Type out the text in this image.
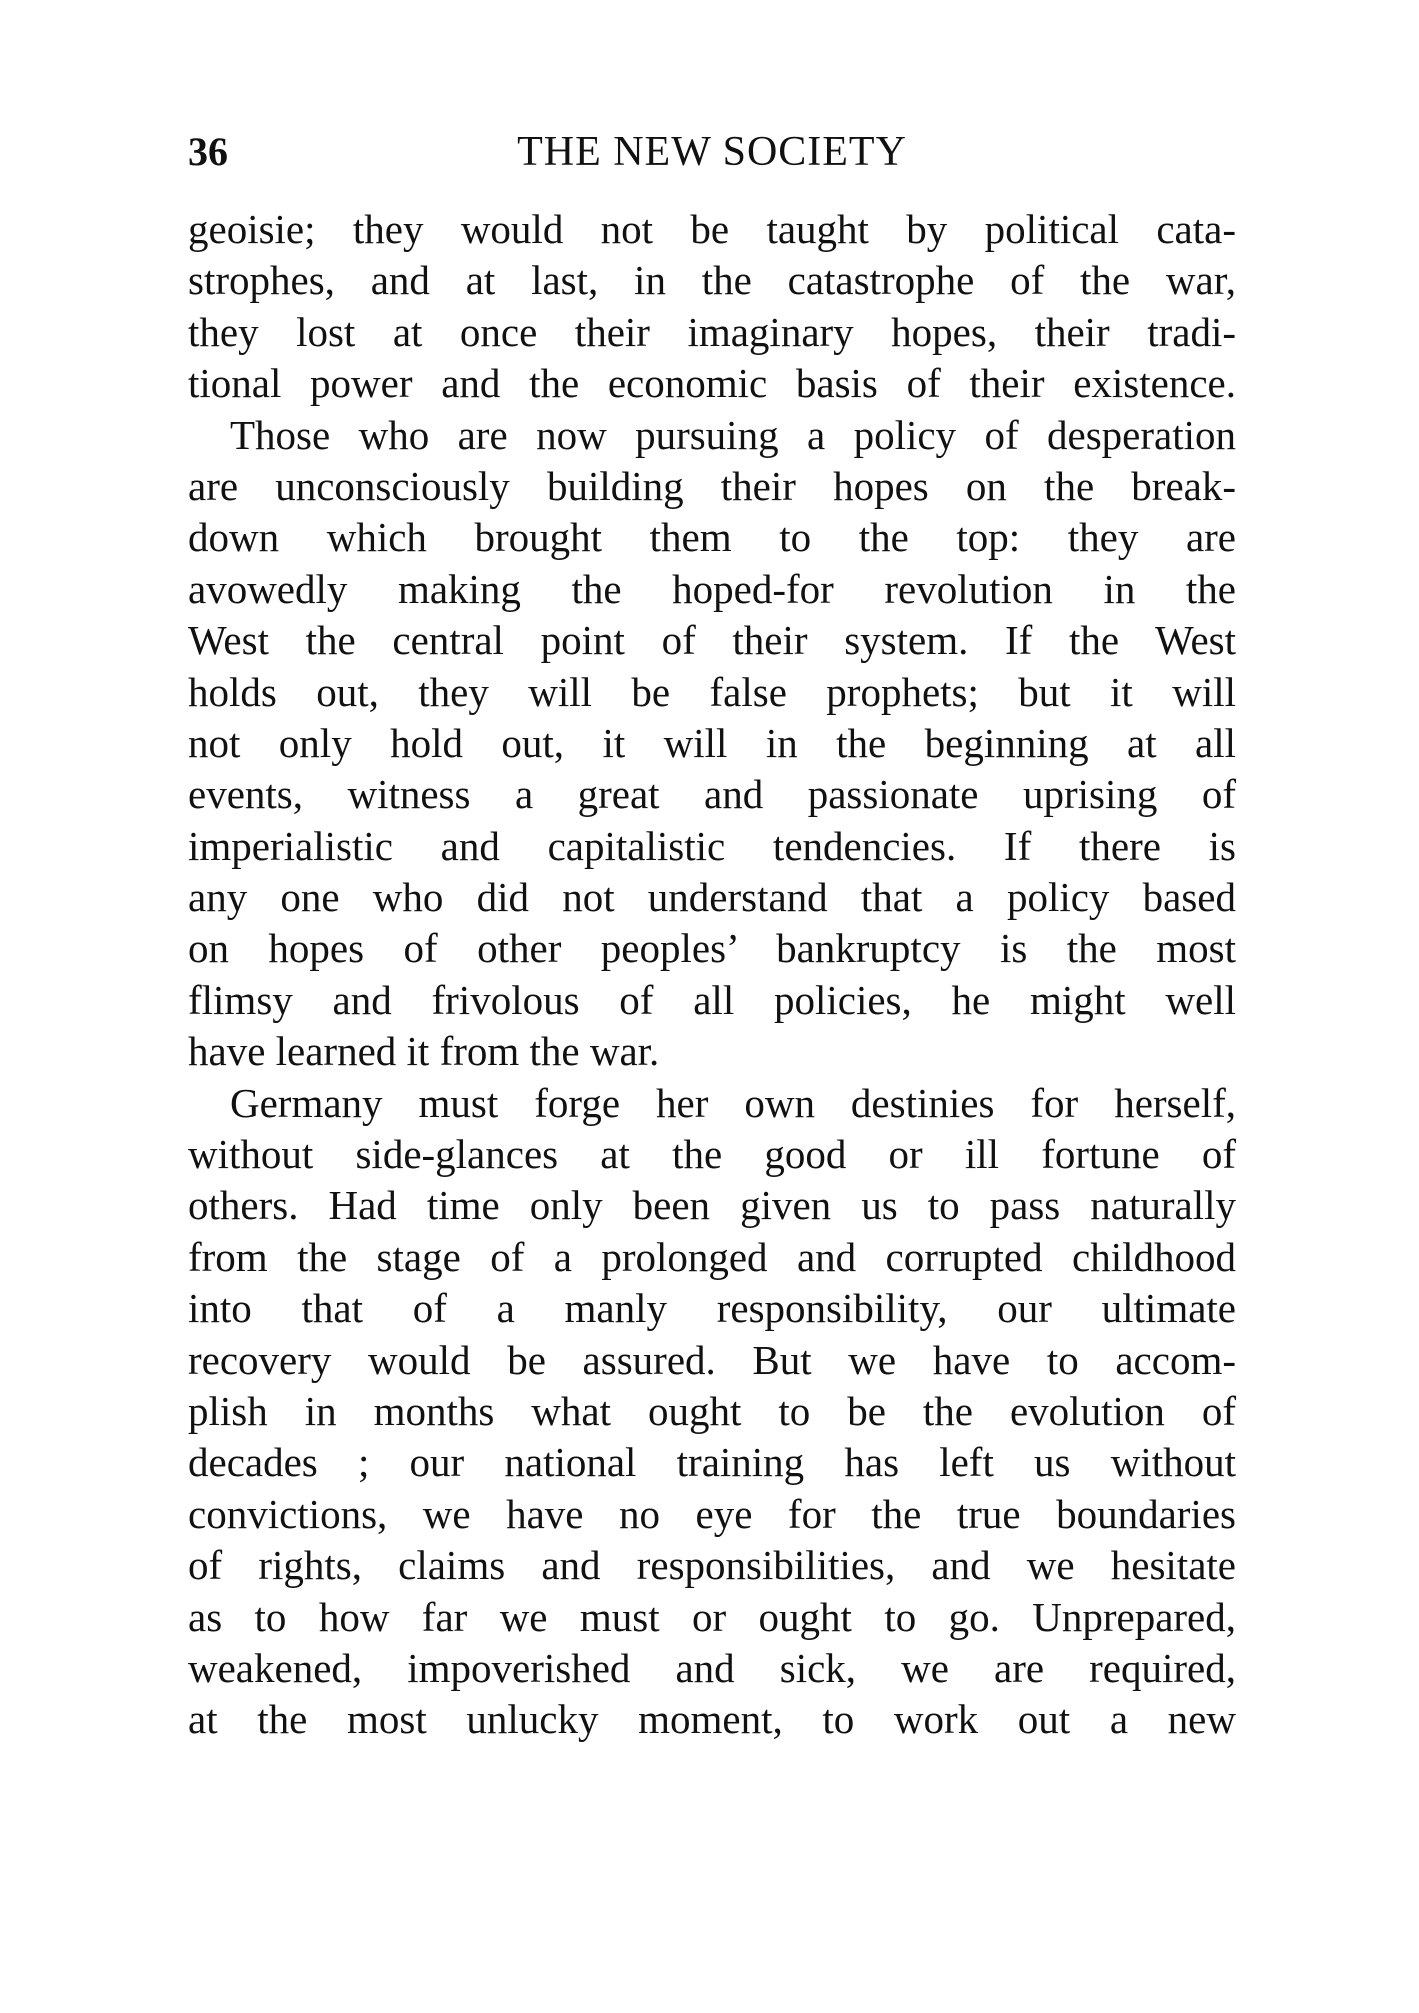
36	THE NEW SOCIETY
geoisie; they would not be taught by political cata-
strophes, and at last, in the catastrophe of the war,
they lost at once their imaginary hopes, their tradi-
tional power and the economic basis of their existence.
Those who are now pursuing a policy of desperation
are unconsciously building their hopes on the break-
down which brought them to the top: they are
avowedly making the hoped-for revolution in the
West the central point of their system. If the West
holds out, they will be false prophets; but it will
not only hold out, it will in the beginning at all
events, witness a great and passionate uprising of
imperialistic and capitalistic tendencies. If there is
any one who did not understand that a policy based
on hopes of other peoples’ bankruptcy is the most
flimsy and frivolous of all policies, he might well
have learned it from the war.
Germany must forge her own destinies for herself,
without side-glances at the good or ill fortune of
others. Had time only been given us to pass naturally
from the stage of a prolonged and corrupted childhood
into that of a manly responsibility, our ultimate
recovery would be assured. But we have to accom-
plish in months what ought to be the evolution of
decades ; our national training has left us without
convictions, we have no eye for the true boundaries
of rights, claims and responsibilities, and we hesitate
as to how far we must or ought to go. Unprepared,
weakened, impoverished and sick, we are required,
at the most unlucky moment, to work out a new
